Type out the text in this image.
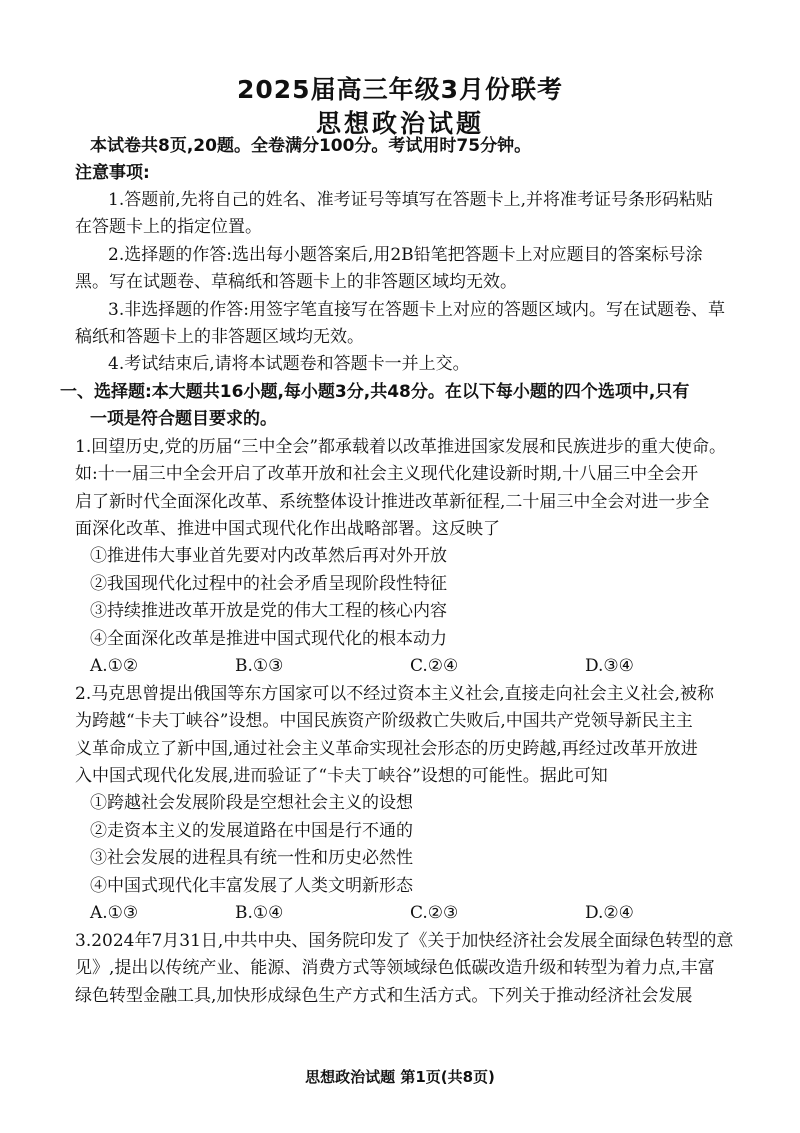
2025届高三年级3月份联考
思想政治试题
本试卷共8页,20题。全卷满分100分。考试用时75分钟。
注意事项:
1.答题前,先将自己的姓名、准考证号等填写在答题卡上,并将准考证号条形码粘贴
在答题卡上的指定位置。
2.选择题的作答:选出每小题答案后,用2B铅笔把答题卡上对应题目的答案标号涂
黑。写在试题卷、草稿纸和答题卡上的非答题区域均无效。
3.非选择题的作答:用签字笔直接写在答题卡上对应的答题区域内。写在试题卷、草
稿纸和答题卡上的非答题区域均无效。
4.考试结束后,请将本试题卷和答题卡一并上交。
一、选择题:本大题共16小题,每小题3分,共48分。在以下每小题的四个选项中,只有
一项是符合题目要求的。
1.回望历史,党的历届“三中全会”都承载着以改革推进国家发展和民族进步的重大使命。
如:十一届三中全会开启了改革开放和社会主义现代化建设新时期,十八届三中全会开
启了新时代全面深化改革、系统整体设计推进改革新征程,二十届三中全会对进一步全
面深化改革、推进中国式现代化作出战略部署。这反映了
①推进伟大事业首先要对内改革然后再对外开放
②我国现代化过程中的社会矛盾呈现阶段性特征
③持续推进改革开放是党的伟大工程的核心内容
④全面深化改革是推进中国式现代化的根本动力
A.①②	B.①③	C.②④	D.③④
2.马克思曾提出俄国等东方国家可以不经过资本主义社会,直接走向社会主义社会,被称
为跨越“卡夫丁峡谷”设想。中国民族资产阶级救亡失败后,中国共产党领导新民主主
义革命成立了新中国,通过社会主义革命实现社会形态的历史跨越,再经过改革开放进
入中国式现代化发展,进而验证了“卡夫丁峡谷”设想的可能性。据此可知
①跨越社会发展阶段是空想社会主义的设想
②走资本主义的发展道路在中国是行不通的
③社会发展的进程具有统一性和历史必然性
④中国式现代化丰富发展了人类文明新形态
A.①③	B.①④	C.②③	D.②④
3.2024年7月31日,中共中央、国务院印发了《关于加快经济社会发展全面绿色转型的意
见》,提出以传统产业、能源、消费方式等领域绿色低碳改造升级和转型为着力点,丰富
绿色转型金融工具,加快形成绿色生产方式和生活方式。下列关于推动经济社会发展
思想政治试题 第1页(共8页)
